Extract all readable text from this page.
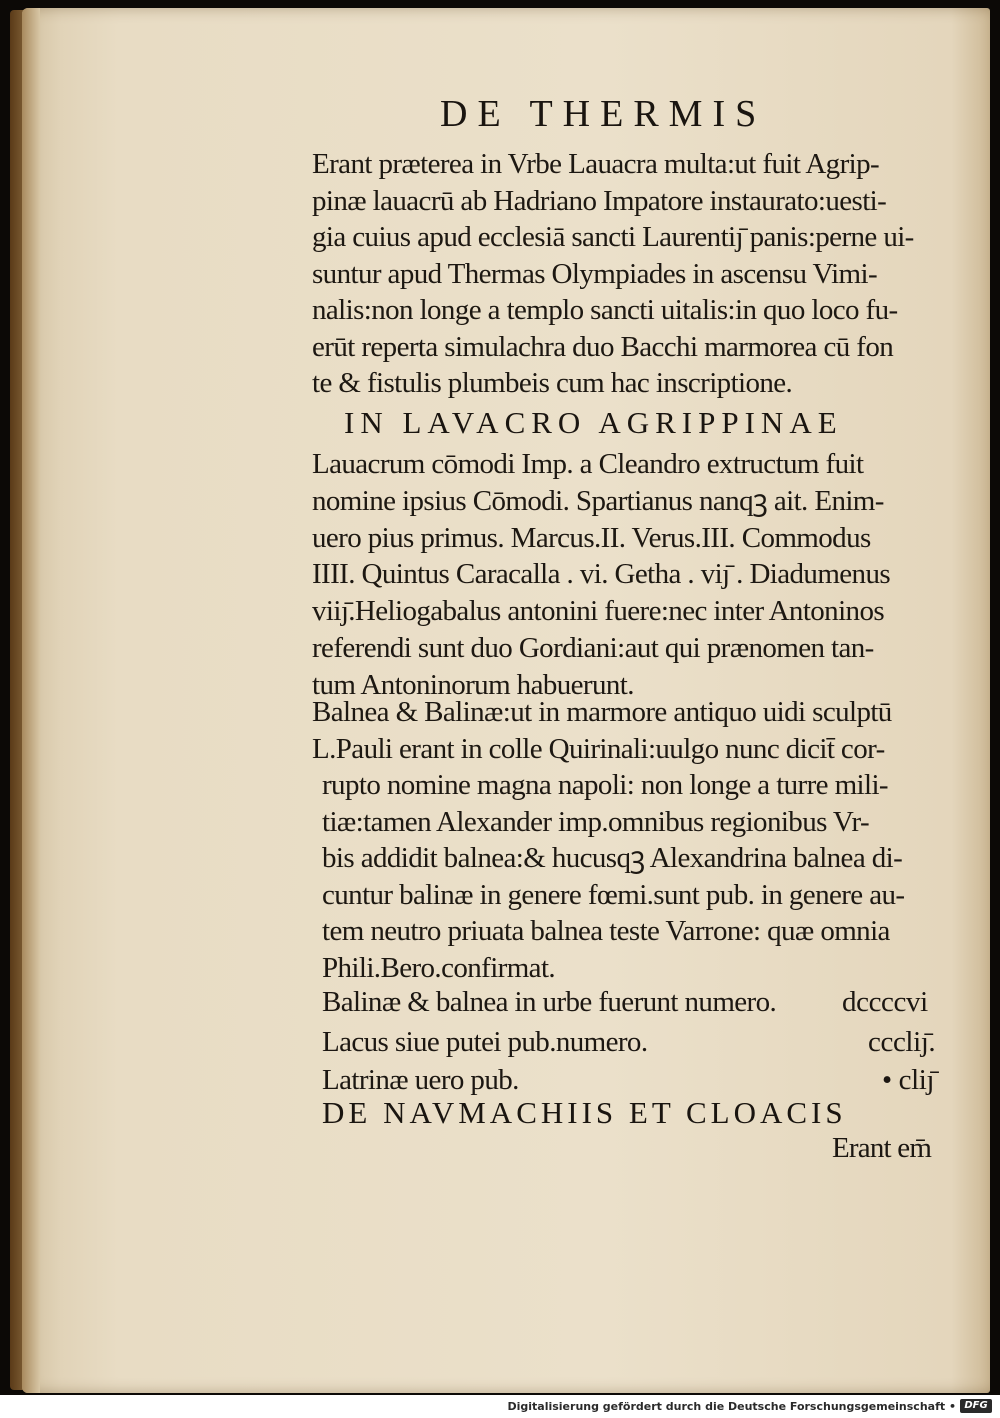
DE THERMIS
Erant præterea in Vrbe Lauacra multa:ut fuit Agrip-
pinæ lauacrū ab Hadriano Impatore instaurato:uesti-
gia cuius apud ecclesiā sancti Laurentiȷ̄ panis:perne ui-
suntur apud Thermas Olympiades in ascensu Vimi-
nalis:non longe a templo sancti uitalis:in quo loco fu-
erūt reperta simulachra duo Bacchi marmorea cū fon
te & fistulis plumbeis cum hac inscriptione.
IN LAVACRO AGRIPPINAE
Lauacrum cōmodi Imp. a Cleandro extructum fuit
nomine ipsius Cōmodi. Spartianus nanqꝫ ait. Enim-
uero pius primus. Marcus.II. Verus.III. Commodus
IIII. Quintus Caracalla . vi. Getha . viȷ̄ . Diadumenus
viiȷ̄.Heliogabalus antonini fuere:nec inter Antoninos
referendi sunt duo Gordiani:aut qui prænomen tan-
tum Antoninorum habuerunt.
Balnea & Balinæ:ut in marmore antiquo uidi sculptū
L.Pauli erant in colle Quirinali:uulgo nunc dicit̄ cor-
rupto nomine magna napoli: non longe a turre mili-
tiæ:tamen Alexander imp.omnibus regionibus Vr-
bis addidit balnea:& hucusqꝫ Alexandrina balnea di-
cuntur balinæ in genere fœmi.sunt pub. in genere au-
tem neutro priuata balnea teste Varrone: quæ omnia
Phili.Bero.confirmat.
Balinæ & balnea in urbe fuerunt numero. dccccvi
Lacus siue putei pub.numero.	cccliȷ̄.
Latrinæ uero pub.	• cliȷ̄
DE NAVMACHIIS ET CLOACIS
Erant em̄
Digitalisierung gefördert durch die Deutsche Forschungsgemeinschaft • DFG
